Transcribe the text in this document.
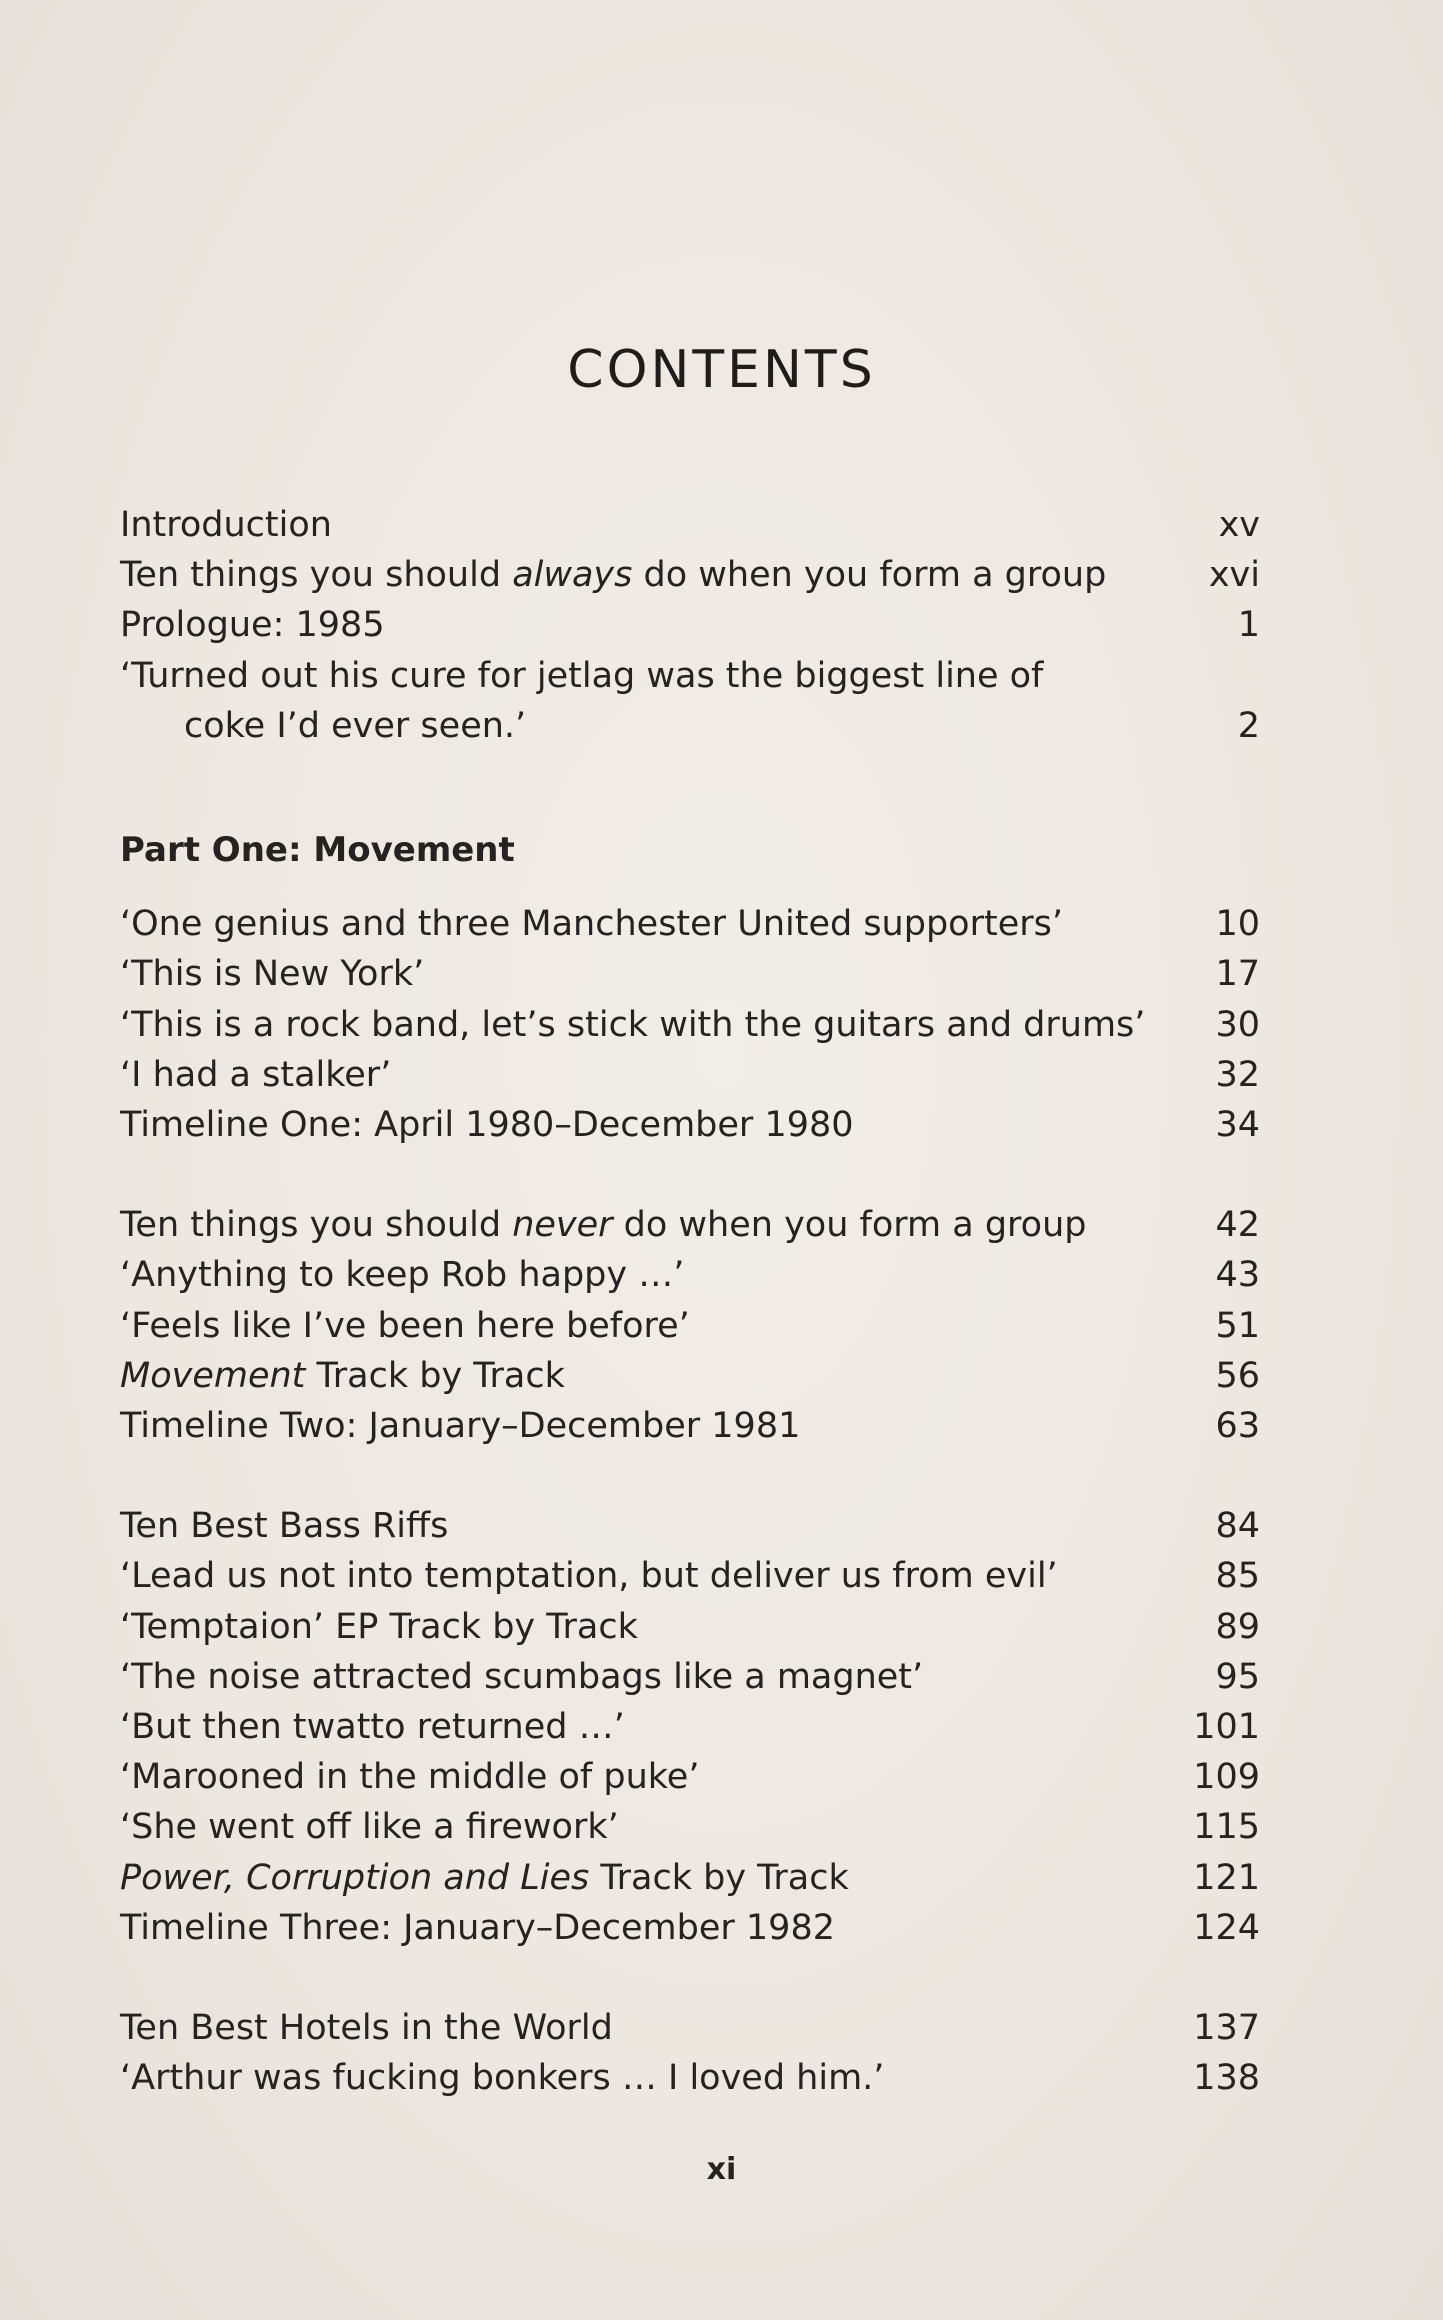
CONTENTS
Introduction	xv
Ten things you should always do when you form a group	xvi
Prologue: 1985	1
‘Turned out his cure for jetlag was the biggest line of
coke I’d ever seen.’	2
Part One: Movement
‘One genius and three Manchester United supporters’	10
‘This is New York’	17
‘This is a rock band, let’s stick with the guitars and drums’	30
‘I had a stalker’	32
Timeline One: April 1980–December 1980	34
Ten things you should never do when you form a group	42
‘Anything to keep Rob happy …’	43
‘Feels like I’ve been here before’	51
Movement Track by Track	56
Timeline Two: January–December 1981	63
Ten Best Bass Riffs	84
‘Lead us not into temptation, but deliver us from evil’	85
‘Temptaion’ EP Track by Track	89
‘The noise attracted scumbags like a magnet’	95
‘But then twatto returned …’	101
‘Marooned in the middle of puke’	109
‘She went off like a firework’	115
Power, Corruption and Lies Track by Track	121
Timeline Three: January–December 1982	124
Ten Best Hotels in the World	137
‘Arthur was fucking bonkers … I loved him.’	138
xi
